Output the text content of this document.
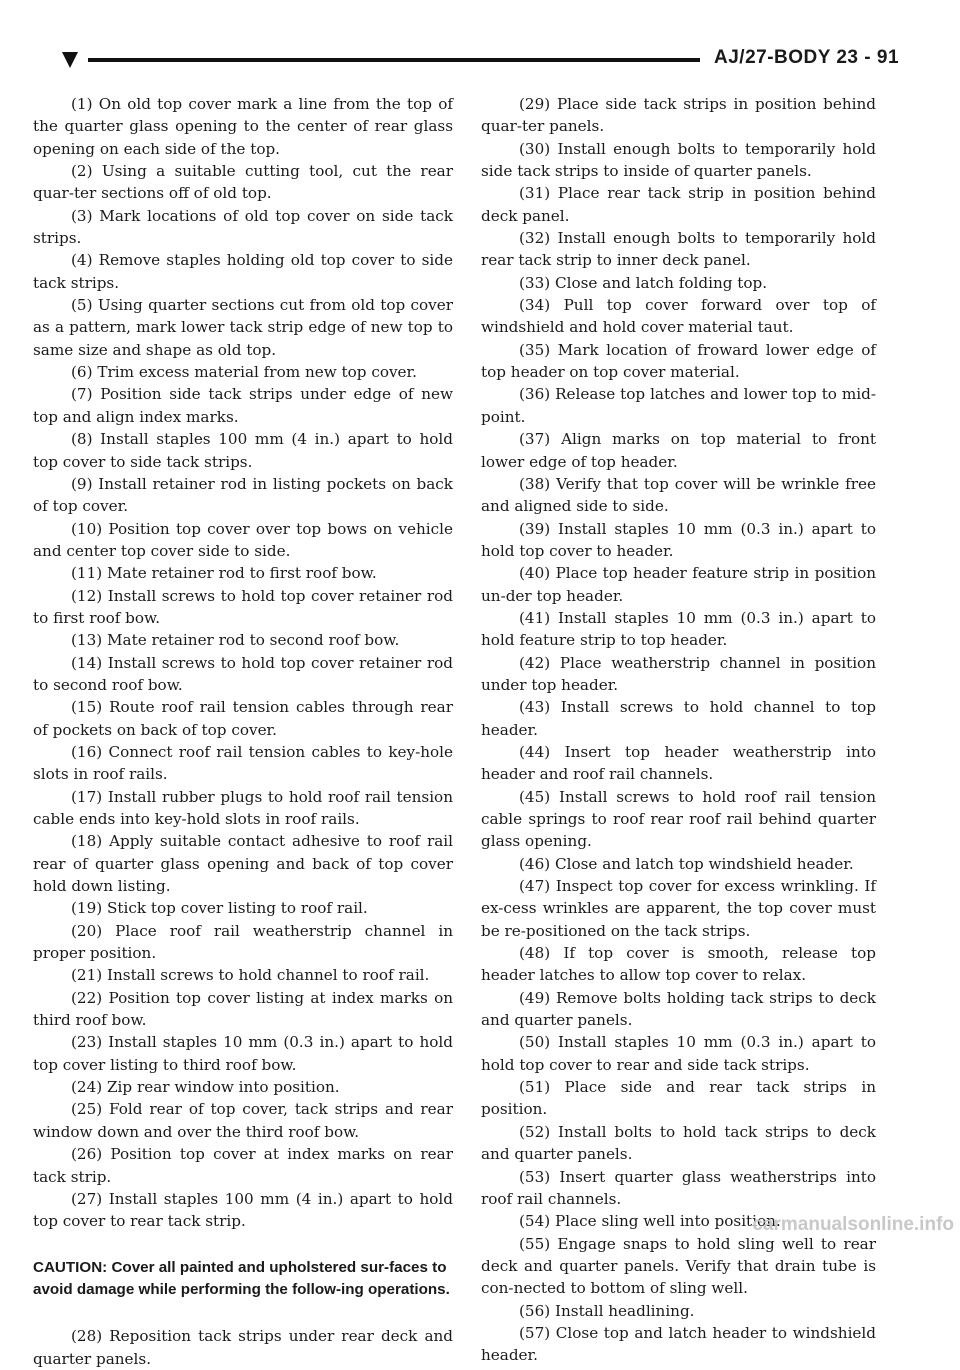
AJ/27-BODY 23 - 91

(1) On old top cover mark a line from the top of the quarter glass opening to the center of rear glass opening on each side of the top.

(2) Using a suitable cutting tool, cut the rear quar-ter sections off of old top.

(3) Mark locations of old top cover on side tack strips.

(4) Remove staples holding old top cover to side tack strips.

(5) Using quarter sections cut from old top cover as a pattern, mark lower tack strip edge of new top to same size and shape as old top.

(6) Trim excess material from new top cover.

(7) Position side tack strips under edge of new top and align index marks.

(8) Install staples 100 mm (4 in.) apart to hold top cover to side tack strips.

(9) Install retainer rod in listing pockets on back of top cover.

(10) Position top cover over top bows on vehicle and center top cover side to side.

(11) Mate retainer rod to first roof bow.

(12) Install screws to hold top cover retainer rod to first roof bow.

(13) Mate retainer rod to second roof bow.

(14) Install screws to hold top cover retainer rod to second roof bow.

(15) Route roof rail tension cables through rear of pockets on back of top cover.

(16) Connect roof rail tension cables to key-hole slots in roof rails.

(17) Install rubber plugs to hold roof rail tension cable ends into key-hold slots in roof rails.

(18) Apply suitable contact adhesive to roof rail rear of quarter glass opening and back of top cover hold down listing.

(19) Stick top cover listing to roof rail.

(20) Place roof rail weatherstrip channel in proper position.

(21) Install screws to hold channel to roof rail.

(22) Position top cover listing at index marks on third roof bow.

(23) Install staples 10 mm (0.3 in.) apart to hold top cover listing to third roof bow.

(24) Zip rear window into position.

(25) Fold rear of top cover, tack strips and rear window down and over the third roof bow.

(26) Position top cover at index marks on rear tack strip.

(27) Install staples 100 mm (4 in.) apart to hold top cover to rear tack strip.

CAUTION: Cover all painted and upholstered sur-faces to avoid damage while performing the follow-ing operations.

(28) Reposition tack strips under rear deck and quarter panels.

(29) Place side tack strips in position behind quar-ter panels.

(30) Install enough bolts to temporarily hold side tack strips to inside of quarter panels.

(31) Place rear tack strip in position behind deck panel.

(32) Install enough bolts to temporarily hold rear tack strip to inner deck panel.

(33) Close and latch folding top.

(34) Pull top cover forward over top of windshield and hold cover material taut.

(35) Mark location of froward lower edge of top header on top cover material.

(36) Release top latches and lower top to mid-point.

(37) Align marks on top material to front lower edge of top header.

(38) Verify that top cover will be wrinkle free and aligned side to side.

(39) Install staples 10 mm (0.3 in.) apart to hold top cover to header.

(40) Place top header feature strip in position un-der top header.

(41) Install staples 10 mm (0.3 in.) apart to hold feature strip to top header.

(42) Place weatherstrip channel in position under top header.

(43) Install screws to hold channel to top header.

(44) Insert top header weatherstrip into header and roof rail channels.

(45) Install screws to hold roof rail tension cable springs to roof rear roof rail behind quarter glass opening.

(46) Close and latch top windshield header.

(47) Inspect top cover for excess wrinkling. If ex-cess wrinkles are apparent, the top cover must be re-positioned on the tack strips.

(48) If top cover is smooth, release top header latches to allow top cover to relax.

(49) Remove bolts holding tack strips to deck and quarter panels.

(50) Install staples 10 mm (0.3 in.) apart to hold top cover to rear and side tack strips.

(51) Place side and rear tack strips in position.

(52) Install bolts to hold tack strips to deck and quarter panels.

(53) Insert quarter glass weatherstrips into roof rail channels.

(54) Place sling well into position.

(55) Engage snaps to hold sling well to rear deck and quarter panels. Verify that drain tube is con-nected to bottom of sling well.

(56) Install headlining.

(57) Close top and latch header to windshield header.

carmanualsonline.info
